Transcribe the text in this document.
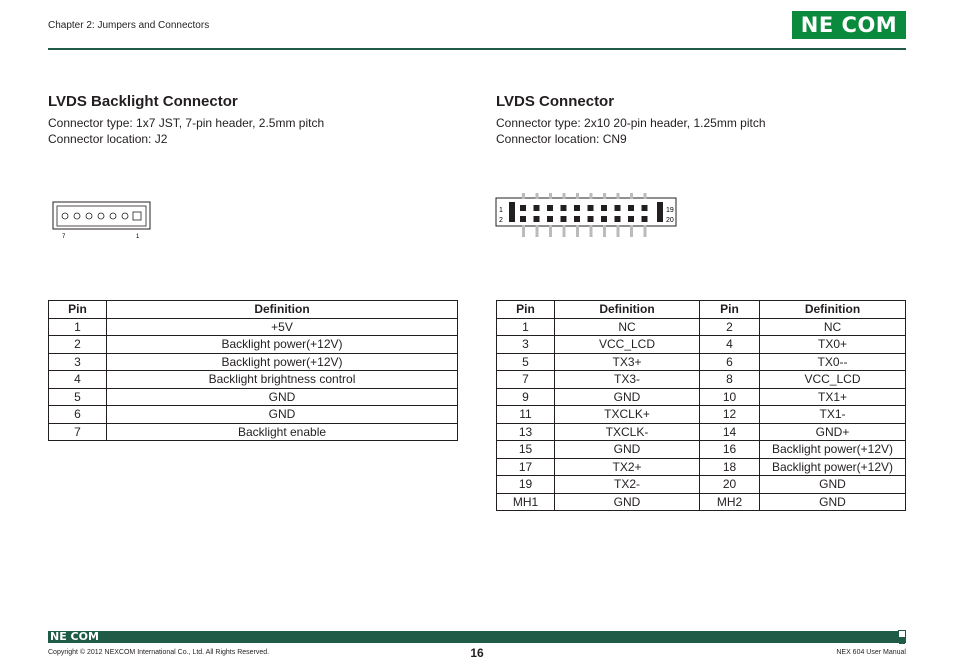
Chapter 2: Jumpers and Connectors	NE COM
LVDS Backlight Connector
Connector type: 1x7 JST, 7-pin header, 2.5mm pitch
Connector location: J2
7	1
Pin	Definition
1	+5V
2	Backlight power(+12V)
3	Backlight power(+12V)
4	Backlight brightness control
5	GND
6	GND
7	Backlight enable
LVDS Connector
Connector type: 2x10 20-pin header, 1.25mm pitch
Connector location: CN9
1
2
19
20
Pin	Definition	Pin	Definition
1	NC	2	NC
3	VCC_LCD	4	TX0+
5	TX3+	6	TX0--
7	TX3-	8	VCC_LCD
9	GND	10	TX1+
11	TXCLK+	12	TX1-
13	TXCLK-	14	GND+
15	GND	16	Backlight power(+12V)
17	TX2+	18	Backlight power(+12V)
19	TX2-	20	GND
MH1	GND	MH2	GND
NE COM
Copyright © 2012 NEXCOM International Co., Ltd. All Rights Reserved.	16	NEX 604 User Manual
